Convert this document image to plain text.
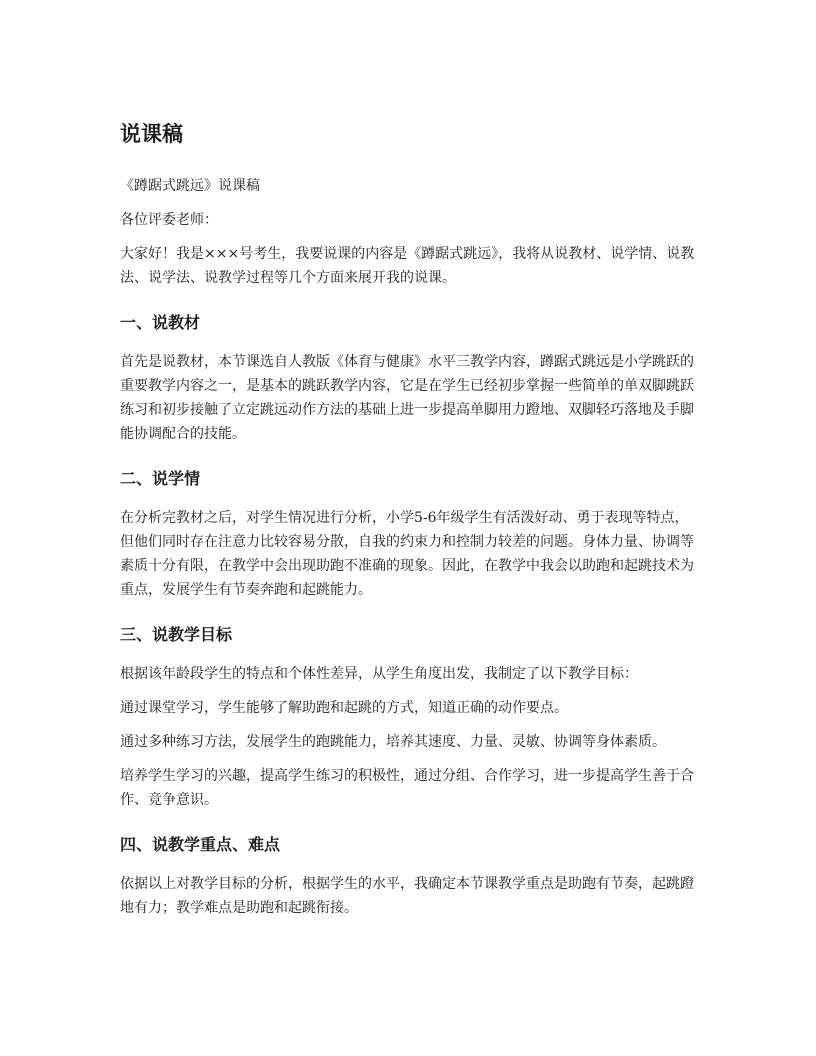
说课稿

《蹲踞式跳远》说课稿

各位评委老师：

大家好！我是×××号考生，我要说课的内容是《蹲踞式跳远》，我将从说教材、说学情、说教法、说学法、说教学过程等几个方面来展开我的说课。

一、说教材

首先是说教材，本节课选自人教版《体育与健康》水平三教学内容，蹲踞式跳远是小学跳跃的重要教学内容之一，是基本的跳跃教学内容，它是在学生已经初步掌握一些简单的单双脚跳跃练习和初步接触了立定跳远动作方法的基础上进一步提高单脚用力蹬地、双脚轻巧落地及手脚能协调配合的技能。

二、说学情

在分析完教材之后，对学生情况进行分析，小学5-6年级学生有活泼好动、勇于表现等特点，但他们同时存在注意力比较容易分散，自我的约束力和控制力较差的问题。身体力量、协调等素质十分有限，在教学中会出现助跑不准确的现象。因此，在教学中我会以助跑和起跳技术为重点，发展学生有节奏奔跑和起跳能力。

三、说教学目标

根据该年龄段学生的特点和个体性差异，从学生角度出发，我制定了以下教学目标：

通过课堂学习，学生能够了解助跑和起跳的方式，知道正确的动作要点。

通过多种练习方法，发展学生的跑跳能力，培养其速度、力量、灵敏、协调等身体素质。

培养学生学习的兴趣，提高学生练习的积极性，通过分组、合作学习，进一步提高学生善于合作、竞争意识。

四、说教学重点、难点

依据以上对教学目标的分析，根据学生的水平，我确定本节课教学重点是助跑有节奏，起跳蹬地有力；教学难点是助跑和起跳衔接。
